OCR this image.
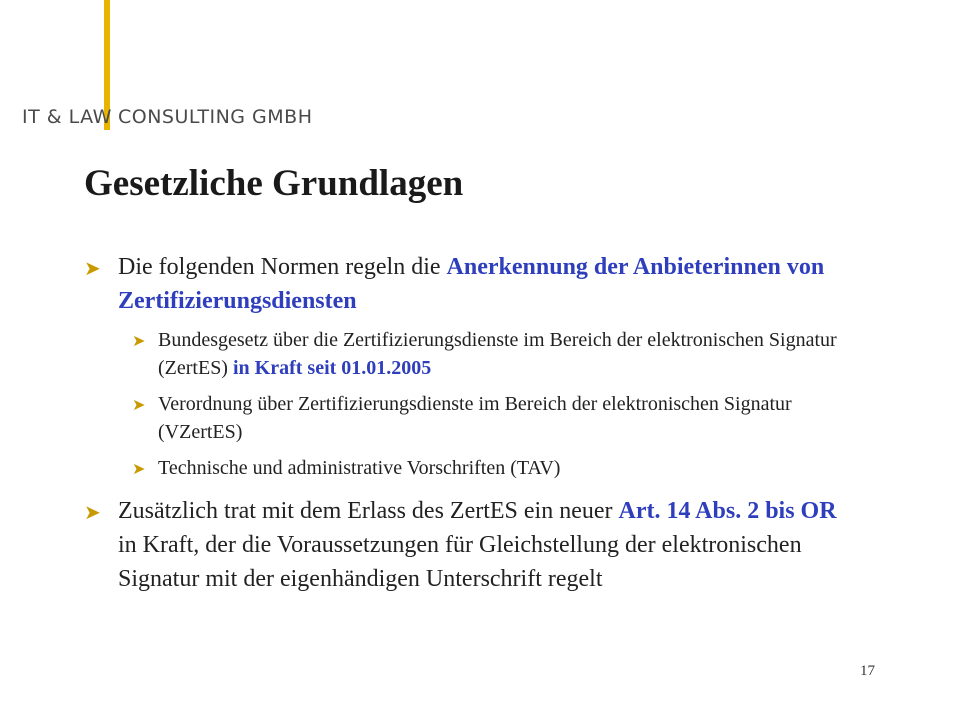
IT & LAW CONSULTING GMBH
Gesetzliche Grundlagen
➤ Die folgenden Normen regeln die Anerkennung der Anbieterinnen von Zertifizierungsdiensten
➤ Bundesgesetz über die Zertifizierungsdienste im Bereich der elektronischen Signatur (ZertES) in Kraft seit 01.01.2005
➤ Verordnung über Zertifizierungsdienste im Bereich der elektronischen Signatur (VZertES)
➤ Technische und administrative Vorschriften (TAV)
➤ Zusätzlich trat mit dem Erlass des ZertES ein neuer Art. 14 Abs. 2 bis OR in Kraft, der die Voraussetzungen für Gleichstellung der elektronischen Signatur mit der eigenhändigen Unterschrift regelt
17
